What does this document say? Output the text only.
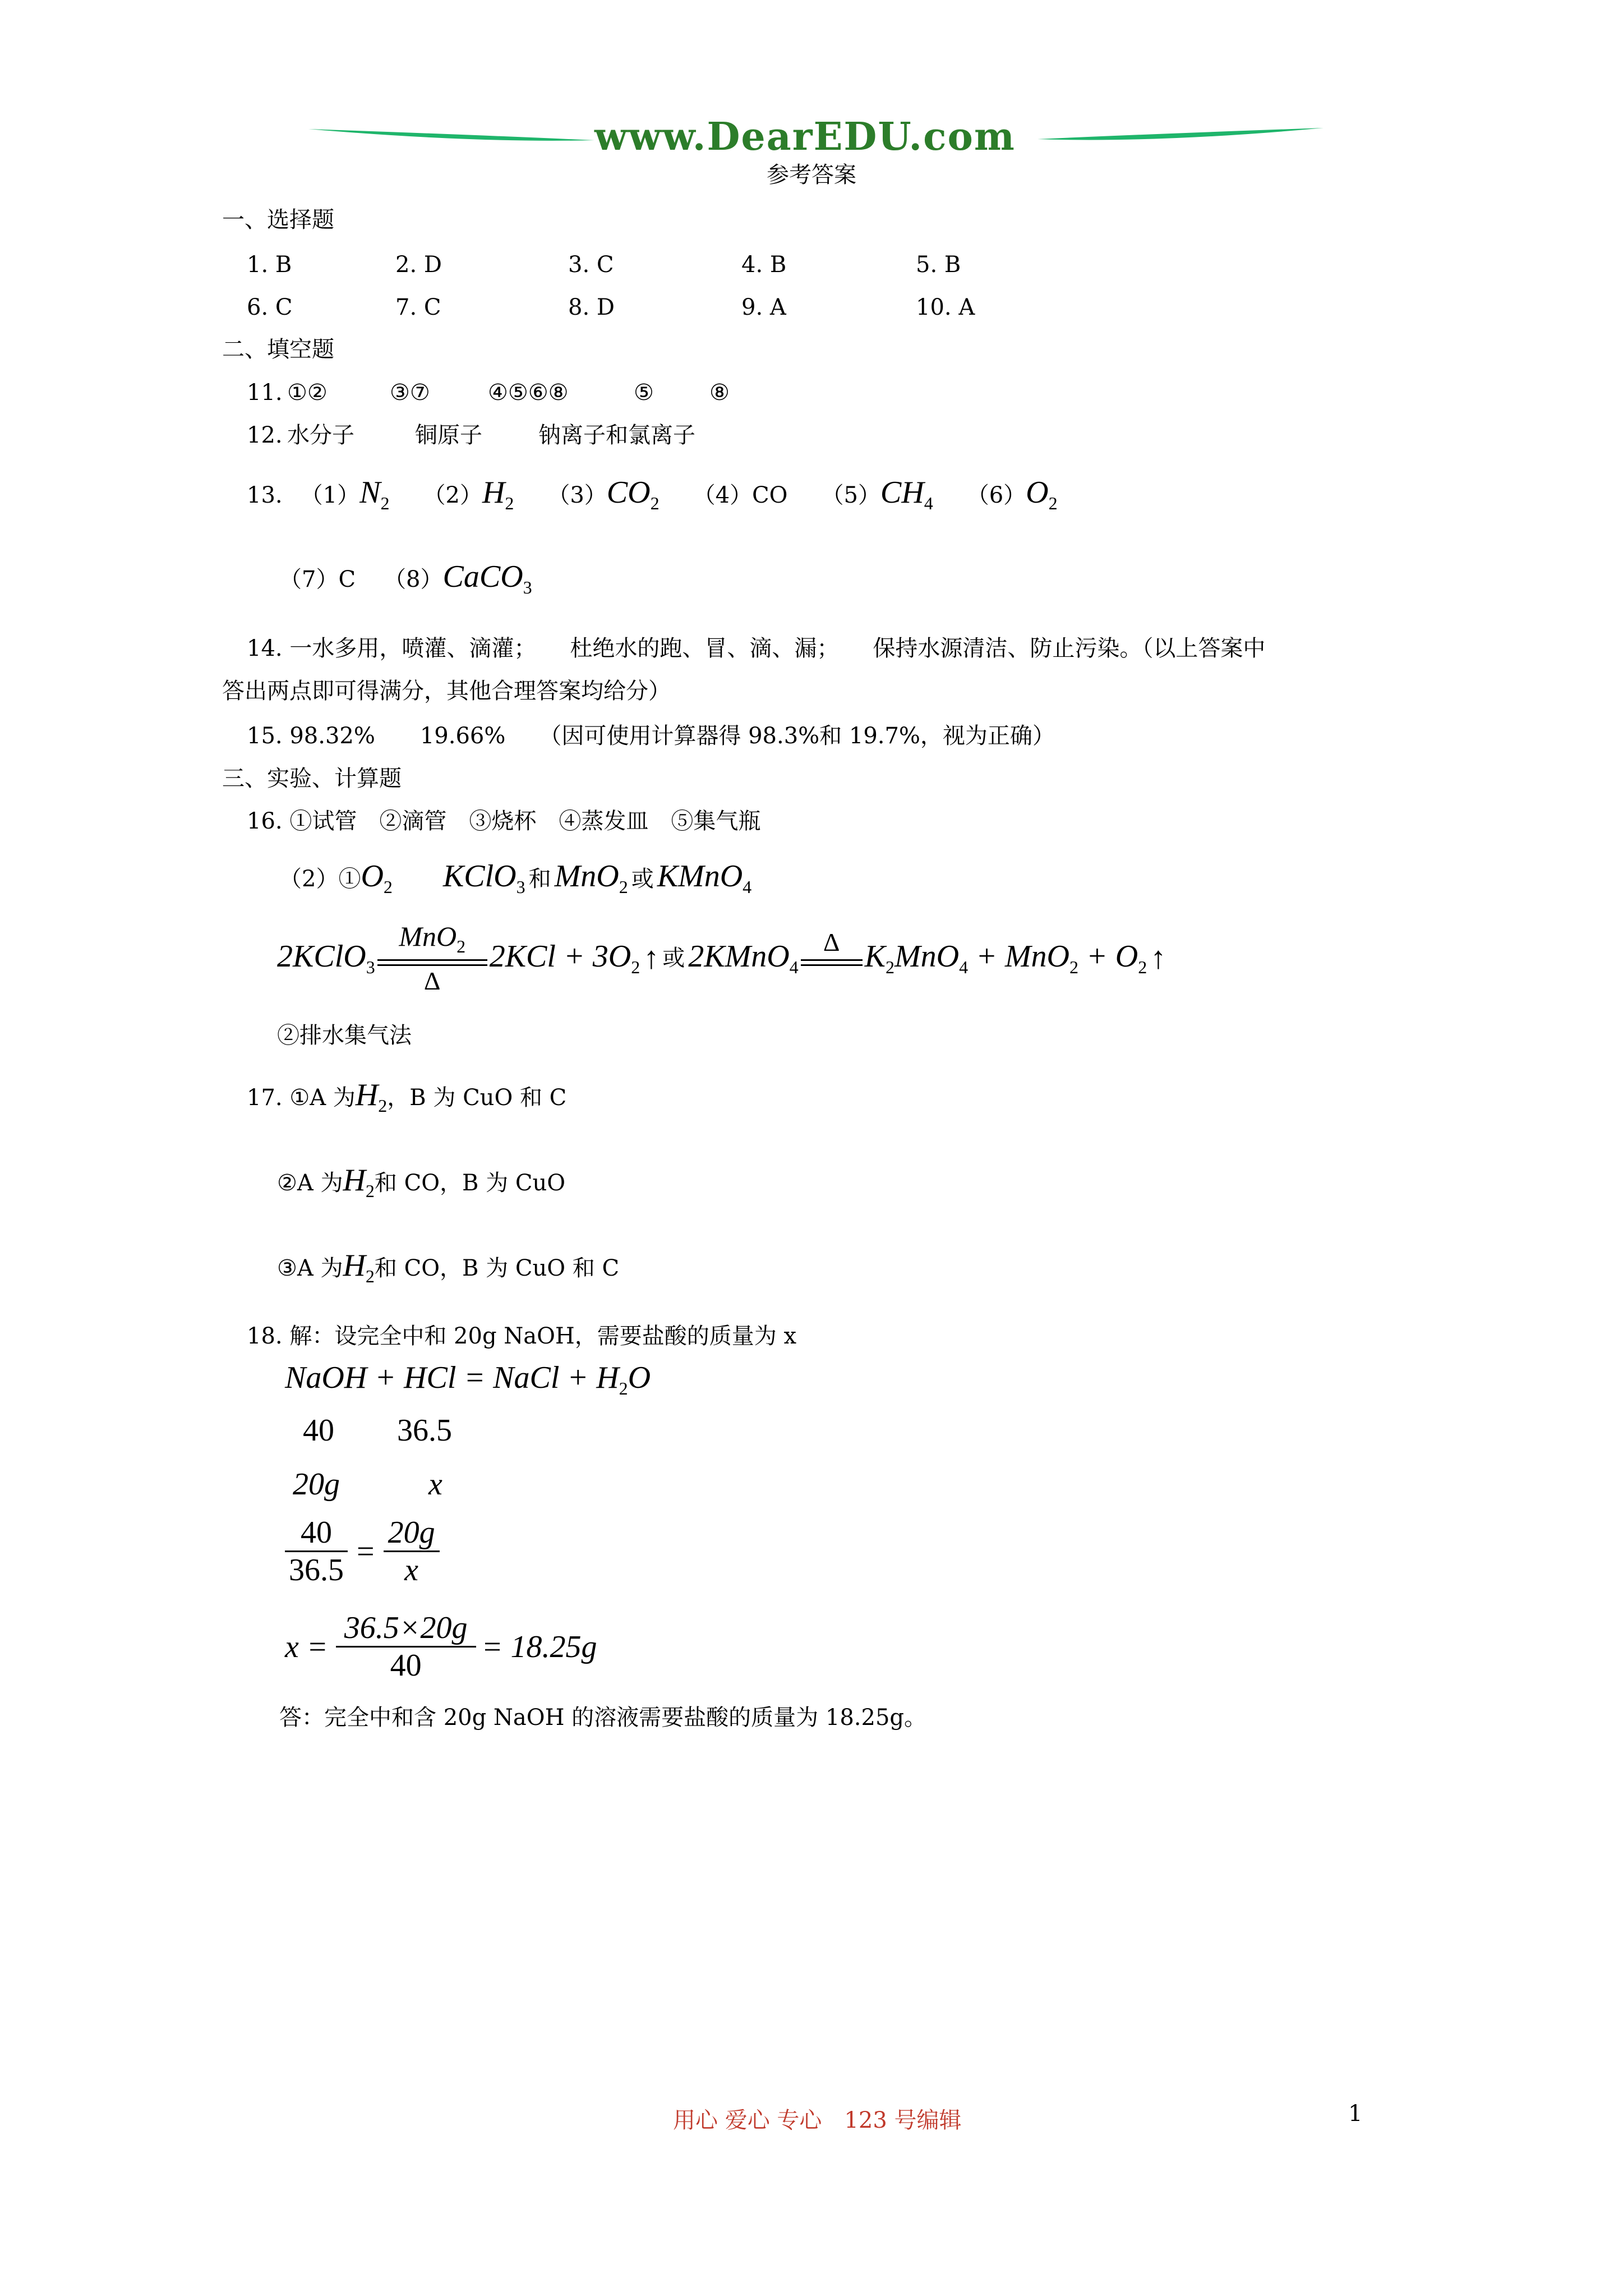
www.DearEDU.com
参考答案
一、选择题
1. B	2. D	3. C	4. B	5. B
6. C	7. C	8. D	9. A	10. A
二、填空题
11. ①②	③⑦	④⑤⑥⑧	⑤ ⑧
12. 水分子	铜原子	钠离子和氯离子
13. （1） $N_2$ （2） $H_2$ （3） $CO_2$ （4）CO （5） $CH_4$ （6） $O_2$
（7）C （8） CaCO$_3$
14. 一水多用，喷灌、滴灌；　　杜绝水的跑、冒、滴、漏；　　保持水源清洁、防止污染。（以上答案中
答出两点即可得满分，其他合理答案均给分）
15. 98.32%　　19.66%　　（因可使用计算器得 98.3%和 19.7%，视为正确）
三、实验、计算题
16. ①试管　②滴管　③烧杯　④蒸发皿　⑤集气瓶
（2）① $O_2$ KClO$_3$ 和 MnO$_2$ 或 KMnO$_4$
2KClO$_3$ $\frac{MnO_2}{\Delta} 2KCl + 3O_2$ ↑ 或 2KMnO$_4$
Δ $K_2MnO_4 + MnO_2 + O_2$ ↑
②排水集气法
17. ①A 为 $H_2$ ，B 为 CuO 和 C
②A 为 $H_2$ 和 CO，B 为 CuO
③A 为 $H_2$ 和 CO，B 为 CuO 和 C
18. 解：设完全中和 20g NaOH，需要盐酸的质量为 x
NaOH + HCl = NaCl + $H_2O$
40 36.5
20g	x
$\frac{40}{36.5} = \frac{20g}{x}$
$x = \frac{36.5\times 20g}{40} = 18.25g$
答：完全中和含 20g NaOH 的溶液需要盐酸的质量为 18.25g。
用心 爱心 专心　123 号编辑	1
